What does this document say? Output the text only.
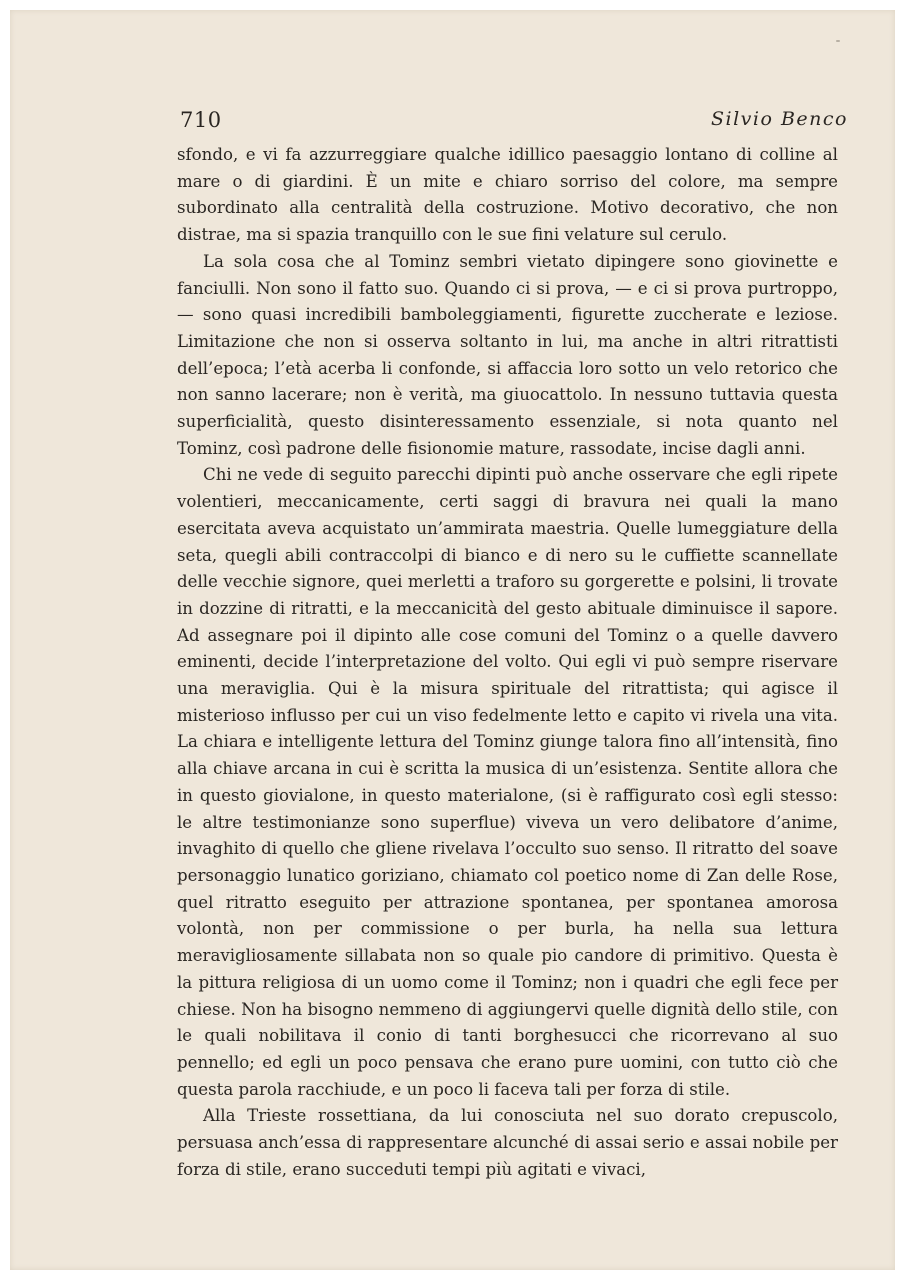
710	Silvio Benco

sfondo, e vi fa azzurreggiare qualche idillico paesaggio lontano di colline al mare o di giardini. È un mite e chiaro sorriso del colore, ma sempre subordinato alla centralità della costruzione. Motivo decorativo, che non distrae, ma si spazia tranquillo con le sue fini velature sul cerulo.

La sola cosa che al Tominz sembri vietato dipingere sono giovinette e fanciulli. Non sono il fatto suo. Quando ci si prova, — e ci si prova purtroppo, — sono quasi incredibili bamboleggiamenti, figurette zuccherate e leziose. Limitazione che non si osserva soltanto in lui, ma anche in altri ritrattisti dell’epoca; l’età acerba li confonde, si affaccia loro sotto un velo retorico che non sanno lacerare; non è verità, ma giuocattolo. In nessuno tuttavia questa superficialità, questo disinteressamento essenziale, si nota quanto nel Tominz, così padrone delle fisionomie mature, rassodate, incise dagli anni.

Chi ne vede di seguito parecchi dipinti può anche osservare che egli ripete volentieri, meccanicamente, certi saggi di bravura nei quali la mano esercitata aveva acquistato un’ammirata maestria. Quelle lumeggiature della seta, quegli abili contraccolpi di bianco e di nero su le cuffiette scannellate delle vecchie signore, quei merletti a traforo su gorgerette e polsini, li trovate in dozzine di ritratti, e la meccanicità del gesto abituale diminuisce il sapore. Ad assegnare poi il dipinto alle cose comuni del Tominz o a quelle davvero eminenti, decide l’interpretazione del volto. Qui egli vi può sempre riservare una meraviglia. Qui è la misura spirituale del ritrattista; qui agisce il misterioso influsso per cui un viso fedelmente letto e capito vi rivela una vita. La chiara e intelligente lettura del Tominz giunge talora fino all’intensità, fino alla chiave arcana in cui è scritta la musica di un’esistenza. Sentite allora che in questo giovialone, in questo materialone, (si è raffigurato così egli stesso: le altre testimonianze sono superflue) viveva un vero delibatore d’anime, invaghito di quello che gliene rivelava l’occulto suo senso. Il ritratto del soave personaggio lunatico goriziano, chiamato col poetico nome di Zan delle Rose, quel ritratto eseguito per attrazione spontanea, per spontanea amorosa volontà, non per commissione o per burla, ha nella sua lettura meravigliosamente sillabata non so quale pio candore di primitivo. Questa è la pittura religiosa di un uomo come il Tominz; non i quadri che egli fece per chiese. Non ha bisogno nemmeno di aggiungervi quelle dignità dello stile, con le quali nobilitava il conio di tanti borghesucci che ricorrevano al suo pennello; ed egli un poco pensava che erano pure uomini, con tutto ciò che questa parola racchiude, e un poco li faceva tali per forza di stile.

Alla Trieste rossettiana, da lui conosciuta nel suo dorato crepuscolo, persuasa anch’essa di rappresentare alcunché di assai serio e assai nobile per forza di stile, erano succeduti tempi più agitati e vivaci,
